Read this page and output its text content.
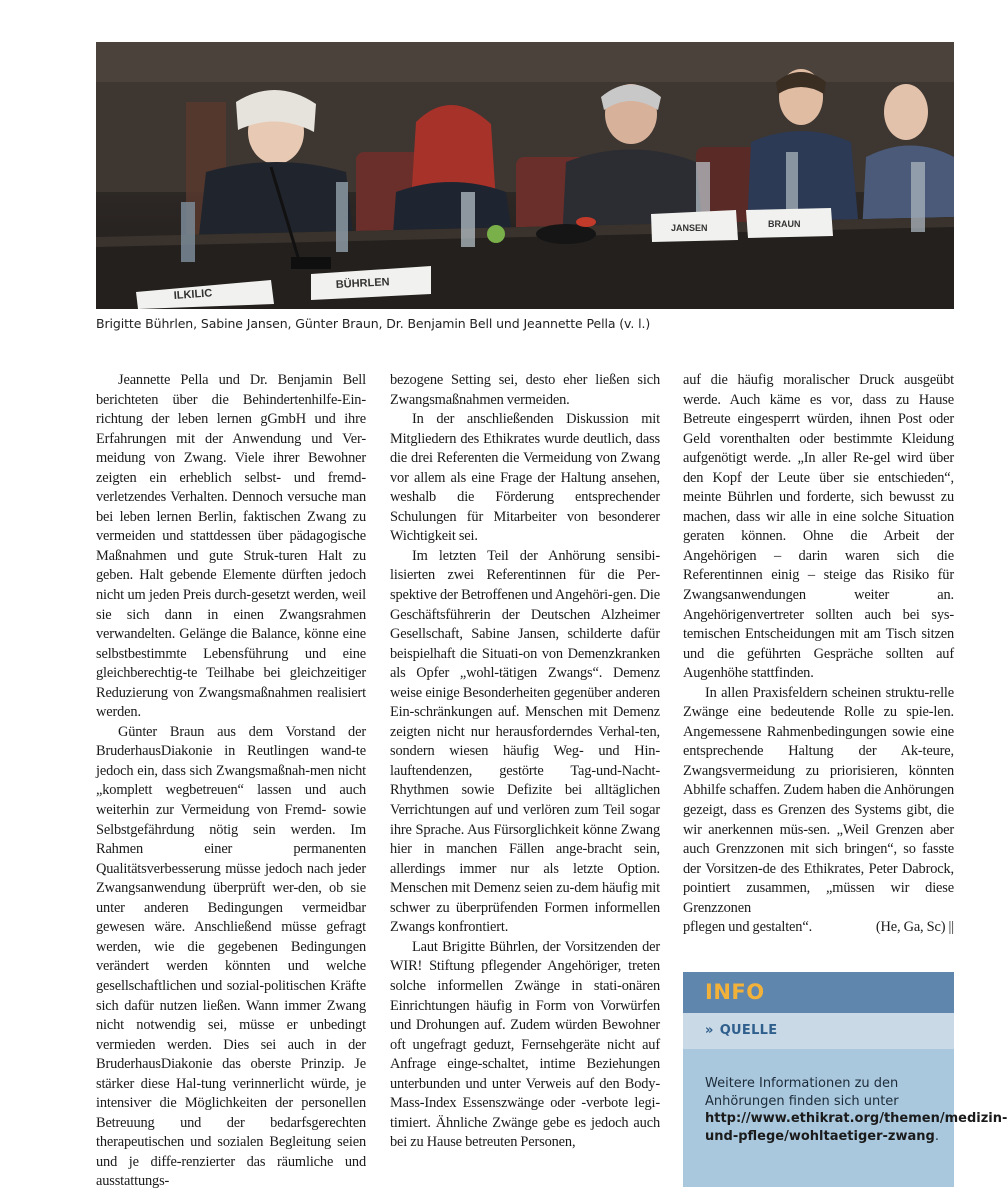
ILKILIC
BÜHRLEN
JANSEN	BRAUN
Brigitte Bührlen, Sabine Jansen, Günter Braun, Dr. Benjamin Bell und Jeannette Pella (v. l.)

Jeannette Pella und Dr. Benjamin Bell berichteten über die Behindertenhilfe-Ein-richtung der leben lernen gGmbH und ihre Erfahrungen mit der Anwendung und Ver-meidung von Zwang. Viele ihrer Bewohner zeigten ein erheblich selbst- und fremd-verletzendes Verhalten. Dennoch versuche man bei leben lernen Berlin, faktischen Zwang zu vermeiden und stattdessen über pädagogische Maßnahmen und gute Struk-turen Halt zu geben. Halt gebende Elemente dürften jedoch nicht um jeden Preis durch-gesetzt werden, weil sie sich dann in einen Zwangsrahmen verwandelten. Gelänge die Balance, könne eine selbstbestimmte Lebensführung und eine gleichberechtig-te Teilhabe bei gleichzeitiger Reduzierung von Zwangsmaßnahmen realisiert werden.

Günter Braun aus dem Vorstand der BruderhausDiakonie in Reutlingen wand-te jedoch ein, dass sich Zwangsmaßnah-men nicht „komplett wegbetreuen“ lassen und auch weiterhin zur Vermeidung von Fremd- sowie Selbstgefährdung nötig sein werden. Im Rahmen einer permanenten Qualitätsverbesserung müsse jedoch nach jeder Zwangsanwendung überprüft wer-den, ob sie unter anderen Bedingungen vermeidbar gewesen wäre. Anschließend müsse gefragt werden, wie die gegebenen Bedingungen verändert werden könnten und welche gesellschaftlichen und sozial-politischen Kräfte sich dafür nutzen ließen. Wann immer Zwang nicht notwendig sei, müsse er unbedingt vermieden werden. Dies sei auch in der BruderhausDiakonie das oberste Prinzip. Je stärker diese Hal-tung verinnerlicht würde, je intensiver die Möglichkeiten der personellen Betreuung und der bedarfsgerechten therapeutischen und sozialen Begleitung seien und je diffe-renzierter das räumliche und ausstattungs-

bezogene Setting sei, desto eher ließen sich Zwangsmaßnahmen vermeiden.

In der anschließenden Diskussion mit Mitgliedern des Ethikrates wurde deutlich, dass die drei Referenten die Vermeidung von Zwang vor allem als eine Frage der Haltung ansehen, weshalb die Förderung entsprechender Schulungen für Mitarbeiter von besonderer Wichtigkeit sei.

Im letzten Teil der Anhörung sensibi-lisierten zwei Referentinnen für die Per-spektive der Betroffenen und Angehöri-gen. Die Geschäftsführerin der Deutschen Alzheimer Gesellschaft, Sabine Jansen, schilderte dafür beispielhaft die Situati-on von Demenzkranken als Opfer „wohl-tätigen Zwangs“. Demenz weise einige Besonderheiten gegenüber anderen Ein-schränkungen auf. Menschen mit Demenz zeigten nicht nur herausforderndes Verhal-ten, sondern wiesen häufig Weg- und Hin-lauftendenzen, gestörte Tag-und-Nacht-Rhythmen sowie Defizite bei alltäglichen Verrichtungen auf und verlören zum Teil sogar ihre Sprache. Aus Fürsorglichkeit könne Zwang hier in manchen Fällen ange-bracht sein, allerdings immer nur als letzte Option. Menschen mit Demenz seien zu-dem häufig mit schwer zu überprüfenden Formen informellen Zwangs konfrontiert.

Laut Brigitte Bührlen, der Vorsitzenden der WIR! Stiftung pflegender Angehöriger, treten solche informellen Zwänge in stati-onären Einrichtungen häufig in Form von Vorwürfen und Drohungen auf. Zudem würden Bewohner oft ungefragt geduzt, Fernsehgeräte nicht auf Anfrage einge-schaltet, intime Beziehungen unterbunden und unter Verweis auf den Body-Mass-Index Essenszwänge oder -verbote legi-timiert. Ähnliche Zwänge gebe es jedoch auch bei zu Hause betreuten Personen,

auf die häufig moralischer Druck ausgeübt werde. Auch käme es vor, dass zu Hause Betreute eingesperrt würden, ihnen Post oder Geld vorenthalten oder bestimmte Kleidung aufgenötigt werde. „In aller Re-gel wird über den Kopf der Leute über sie entschieden“, meinte Bührlen und forderte, sich bewusst zu machen, dass wir alle in eine solche Situation geraten können. Ohne die Arbeit der Angehörigen – darin waren sich die Referentinnen einig – steige das Risiko für Zwangsanwendungen weiter an. Angehörigenvertreter sollten auch bei sys-temischen Entscheidungen mit am Tisch sitzen und die geführten Gespräche sollten auf Augenhöhe stattfinden.

In allen Praxisfeldern scheinen struktu-relle Zwänge eine bedeutende Rolle zu spie-len. Angemessene Rahmenbedingungen sowie eine entsprechende Haltung der Ak-teure, Zwangsvermeidung zu priorisieren, könnten Abhilfe schaffen. Zudem haben die Anhörungen gezeigt, dass es Grenzen des Systems gibt, die wir anerkennen müs-sen. „Weil Grenzen aber auch Grenzzonen mit sich bringen“, so fasste der Vorsitzen-de des Ethikrates, Peter Dabrock, pointiert zusammen, „müssen wir diese Grenzzonen

pflegen und gestalten“.	(He, Ga, Sc) ||
INFO
» QUELLE
Weitere Informationen zu den Anhörungen finden sich unter http://www.ethikrat.org/themen/medizin-und-pflege/wohltaetiger-zwang.
